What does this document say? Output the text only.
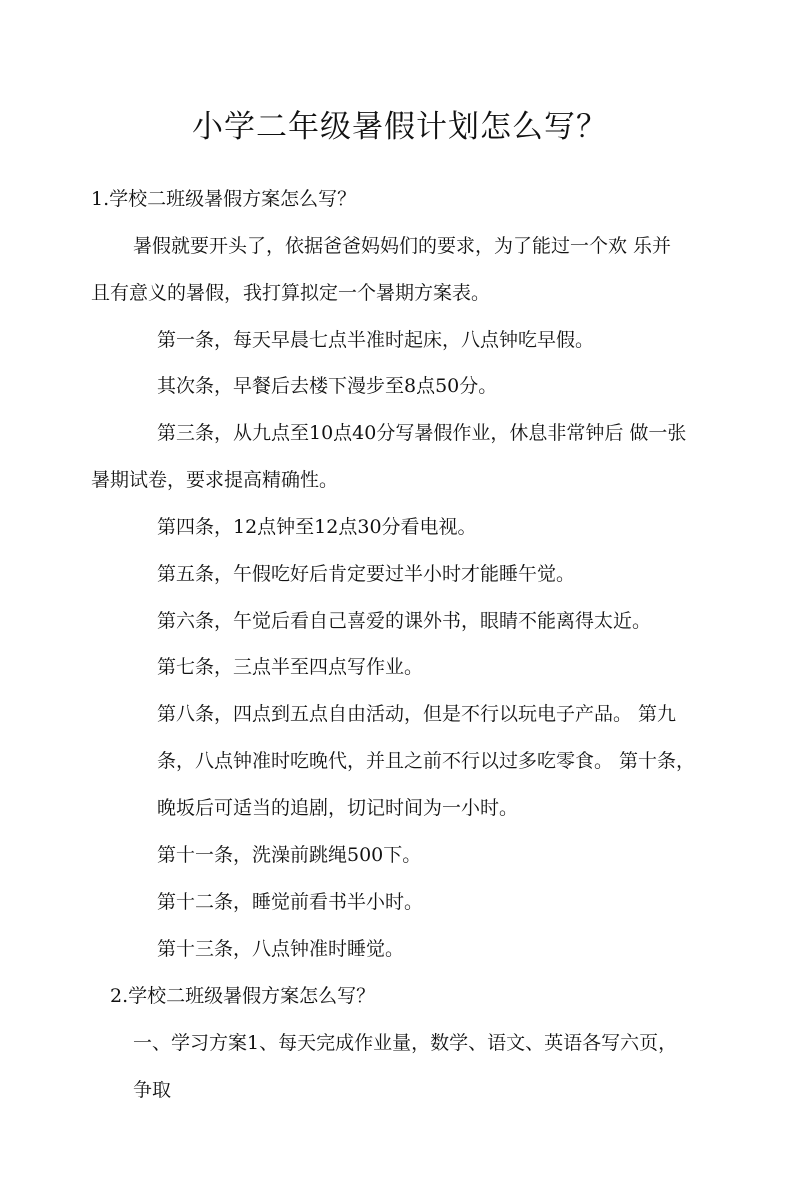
小学二年级暑假计划怎么写？
1.学校二班级暑假方案怎么写？
暑假就要开头了，依据爸爸妈妈们的要求，为了能过一个欢 乐并
且有意义的暑假，我打算拟定一个暑期方案表。
第一条，每天早晨七点半准时起床，八点钟吃早假。
其次条，早餐后去楼下漫步至8点50分。
第三条，从九点至10点40分写暑假作业，休息非常钟后 做一张
暑期试卷，要求提高精确性。
第四条，12点钟至12点30分看电视。
第五条，午假吃好后肯定要过半小时才能睡午觉。
第六条，午觉后看自己喜爱的课外书，眼睛不能离得太近。
第七条，三点半至四点写作业。
第八条，四点到五点自由活动，但是不行以玩电子产品。 第九
条，八点钟准时吃晚代，并且之前不行以过多吃零食。 第十条，
晚坂后可适当的追剧，切记时间为一小时。
第十一条，洗澡前跳绳500下。
第十二条，睡觉前看书半小时。
第十三条，八点钟准时睡觉。
2.学校二班级暑假方案怎么写？
一、学习方案1、每天完成作业量，数学、语文、英语各写六页，
争取
